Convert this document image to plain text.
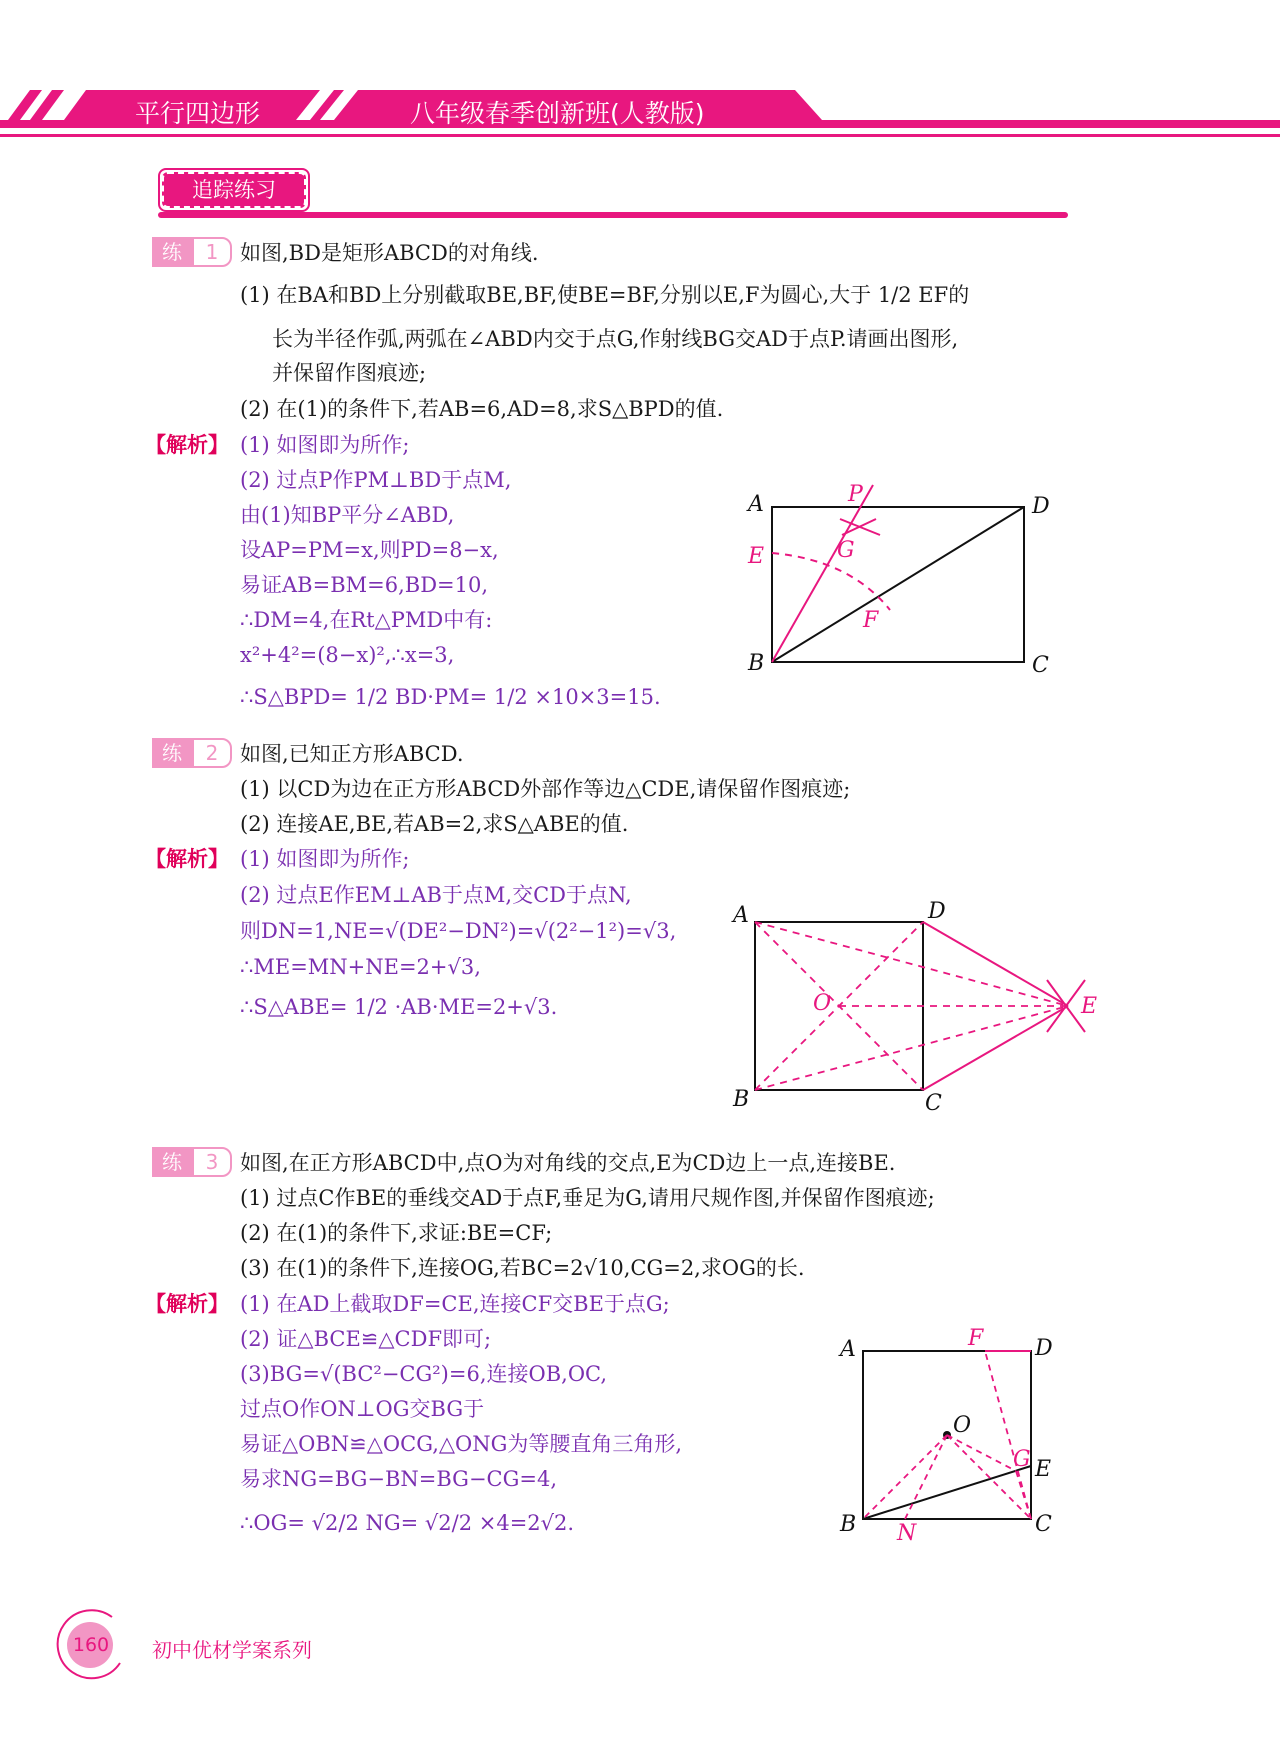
平行四边形	八年级春季创新班(人教版)
追踪练习
练	1	如图,BD是矩形ABCD的对角线.
(1) 在BA和BD上分别截取BE,BF,使BE=BF,分别以E,F为圆心,大于 1/2 EF的
长为半径作弧,两弧在∠ABD内交于点G,作射线BG交AD于点P.请画出图形,
并保留作图痕迹;
(2) 在(1)的条件下,若AB=6,AD=8,求S△BPD的值.
【解析】 (1) 如图即为所作;
(2) 过点P作PM⊥BD于点M,
由(1)知BP平分∠ABD,
设AP=PM=x,则PD=8−x,
易证AB=BM=6,BD=10,
∴DM=4,在Rt△PMD中有:
x²+4²=(8−x)²,∴x=3,
∴S△BPD= 1/2 BD·PM= 1/2 ×10×3=15.
A	D
B	C
P
E	G
F
练	2	如图,已知正方形ABCD.
(1) 以CD为边在正方形ABCD外部作等边△CDE,请保留作图痕迹;
(2) 连接AE,BE,若AB=2,求S△ABE的值.
【解析】 (1) 如图即为所作;
(2) 过点E作EM⊥AB于点M,交CD于点N,
则DN=1,NE=√(DE²−DN²)=√(2²−1²)=√3,
∴ME=MN+NE=2+√3,
∴S△ABE= 1/2 ·AB·ME=2+√3.
A	D
B	C
O	E
练	3	如图,在正方形ABCD中,点O为对角线的交点,E为CD边上一点,连接BE.
(1) 过点C作BE的垂线交AD于点F,垂足为G,请用尺规作图,并保留作图痕迹;
(2) 在(1)的条件下,求证:BE=CF;
(3) 在(1)的条件下,连接OG,若BC=2√10,CG=2,求OG的长.
【解析】 (1) 在AD上截取DF=CE,连接CF交BE于点G;
(2) 证△BCE≌△CDF即可;
(3)BG=√(BC²−CG²)=6,连接OB,OC,
过点O作ON⊥OG交BG于
易证△OBN≌△OCG,△ONG为等腰直角三角形,
易求NG=BG−BN=BG−CG=4,
∴OG= √2/2 NG= √2/2 ×4=2√2.
A	F D
O
G E
B N	C
160	初中优材学案系列
